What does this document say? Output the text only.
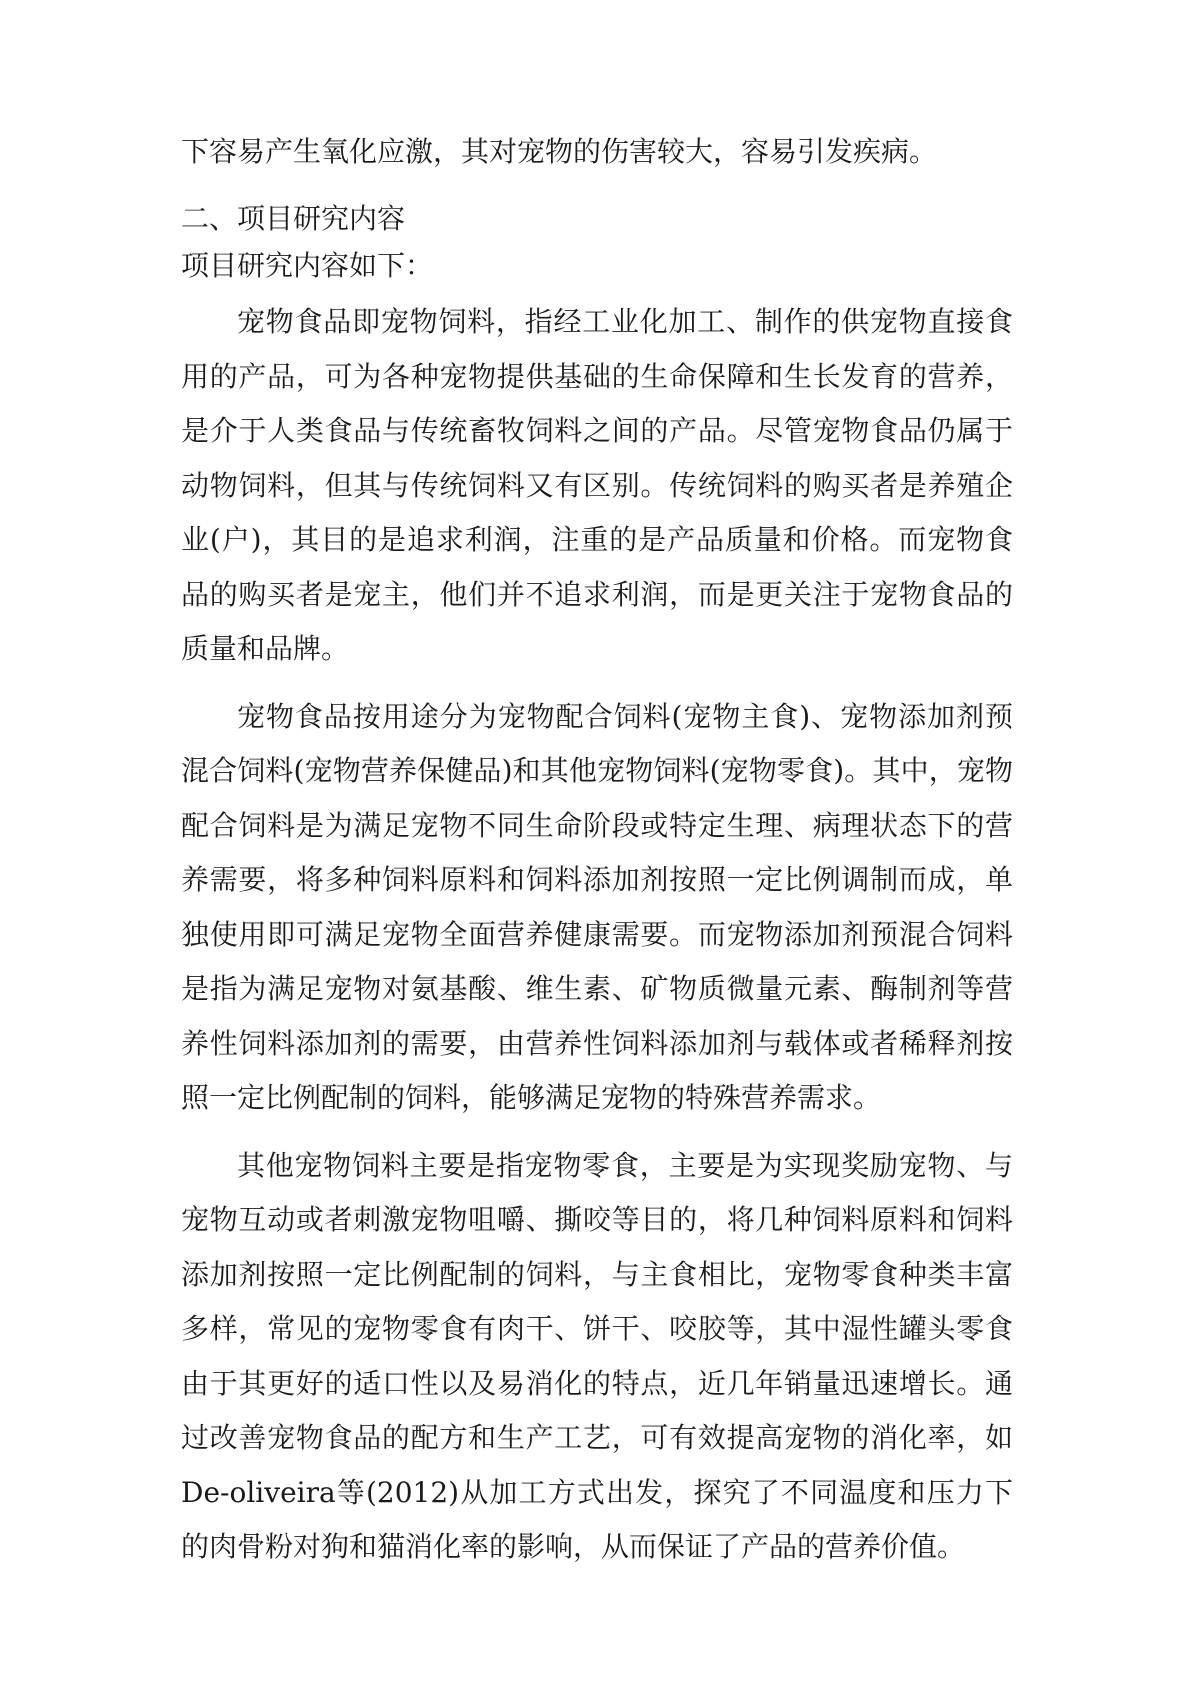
下容易产生氧化应激，其对宠物的伤害较大，容易引发疾病。

二、项目研究内容

项目研究内容如下：

宠物食品即宠物饲料，指经工业化加工、制作的供宠物直接食用的产品，可为各种宠物提供基础的生命保障和生长发育的营养，是介于人类食品与传统畜牧饲料之间的产品。尽管宠物食品仍属于动物饲料，但其与传统饲料又有区别。传统饲料的购买者是养殖企业(户)，其目的是追求利润，注重的是产品质量和价格。而宠物食品的购买者是宠主，他们并不追求利润，而是更关注于宠物食品的质量和品牌。

宠物食品按用途分为宠物配合饲料(宠物主食)、宠物添加剂预混合饲料(宠物营养保健品)和其他宠物饲料(宠物零食)。其中，宠物配合饲料是为满足宠物不同生命阶段或特定生理、病理状态下的营养需要，将多种饲料原料和饲料添加剂按照一定比例调制而成，单独使用即可满足宠物全面营养健康需要。而宠物添加剂预混合饲料是指为满足宠物对氨基酸、维生素、矿物质微量元素、酶制剂等营养性饲料添加剂的需要，由营养性饲料添加剂与载体或者稀释剂按照一定比例配制的饲料，能够满足宠物的特殊营养需求。

其他宠物饲料主要是指宠物零食，主要是为实现奖励宠物、与宠物互动或者刺激宠物咀嚼、撕咬等目的，将几种饲料原料和饲料添加剂按照一定比例配制的饲料，与主食相比，宠物零食种类丰富多样，常见的宠物零食有肉干、饼干、咬胶等，其中湿性罐头零食由于其更好的适口性以及易消化的特点，近几年销量迅速增长。通过改善宠物食品的配方和生产工艺，可有效提高宠物的消化率，如De-oliveira等(2012)从加工方式出发，探究了不同温度和压力下的肉骨粉对狗和猫消化率的影响，从而保证了产品的营养价值。
